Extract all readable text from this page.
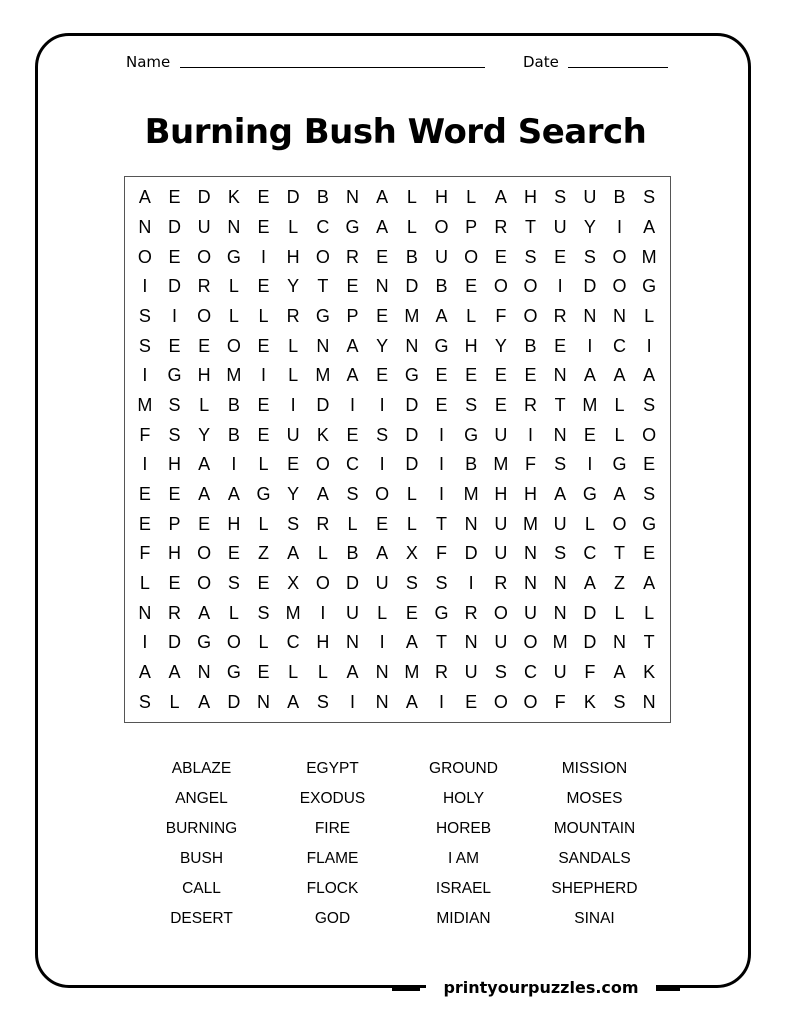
Name	Date
Burning Bush Word Search
A E D K E D B N A	L	H	L	A H S U B S
N D U N E	L	C G A	L O P R T U Y	I	A
O E O G	I	H O R E B U O E S E S O M
I	D R	L	E Y	T	E N D B E O O	I	D O G
S	I	O L	L	R G P E M A	L	F O R N N	L
S E E O E	L	N A Y N G H Y B E	I	C	I
I	G H M	I	L M A E G E E E E N A A A
M S	L	B E	I	D	I	I	D E S E R T M L	S
F	S Y B E U K E S D	I	G U	I	N E	L O
I	H A	I	L	E O C	I	D	I	B M F	S	I	G E
E E A A G Y A S O L	I	M H H A G A S
E P E H	L	S R	L	E	L	T N U M U	L O G
F H O E	Z	A	L	B A X	F D U N S C T	E
L	E O S E X O D U S S	I	R N N A	Z	A
N R A	L	S M	I	U	L	E G R O U N D	L	L
I	D G O L	C H N	I	A	T N U O M D N T
A A N G E	L	L	A N M R U S C U F	A K
S	L	A D N A S	I	N A	I	E O O F	K S N
ABLAZE	EGYPT	GROUND	MISSION
ANGEL	EXODUS	HOLY	MOSES
BURNING	FIRE	HOREB	MOUNTAIN
BUSH	FLAME	I AM	SANDALS
CALL	FLOCK	ISRAEL	SHEPHERD
DESERT	GOD	MIDIAN	SINAI
printyourpuzzles.com
